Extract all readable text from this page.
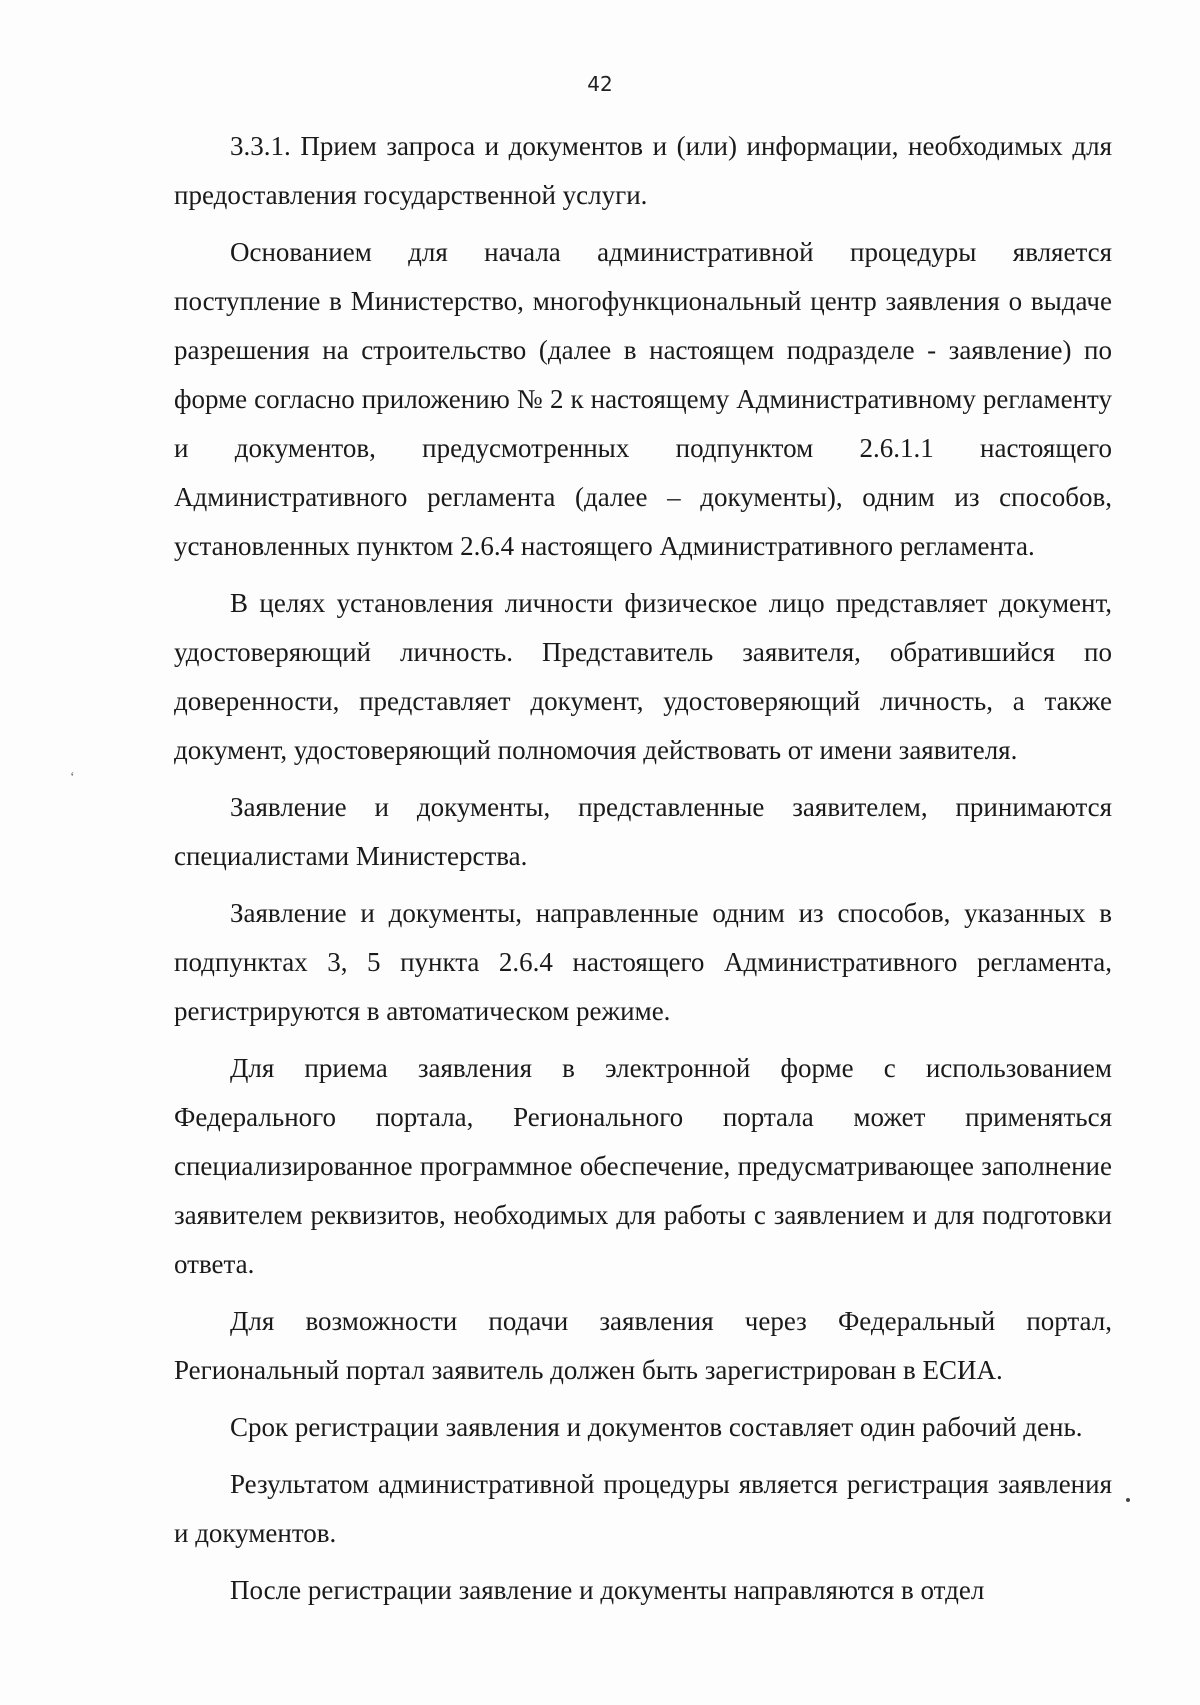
42
ʻ

3.3.1. Прием запроса и документов и (или) информации, необходимых для предоставления государственной услуги.

Основанием для начала административной процедуры является поступление в Министерство, многофункциональный центр заявления о выдаче разрешения на строительство (далее в настоящем подразделе - заявление) по форме согласно приложению № 2 к настоящему Административному регламенту и документов, предусмотренных подпунктом 2.6.1.1 настоящего Административного регламента (далее – документы), одним из способов, установленных пунктом 2.6.4 настоящего Административного регламента.

В целях установления личности физическое лицо представляет документ, удостоверяющий личность. Представитель заявителя, обратившийся по доверенности, представляет документ, удостоверяющий личность, а также документ, удостоверяющий полномочия действовать от имени заявителя.

Заявление и документы, представленные заявителем, принимаются специалистами Министерства.

Заявление и документы, направленные одним из способов, указанных в подпунктах 3, 5 пункта 2.6.4 настоящего Административного регламента, регистрируются в автоматическом режиме.

Для приема заявления в электронной форме с использованием Федерального портала, Регионального портала может применяться специализированное программное обеспечение, предусматривающее заполнение заявителем реквизитов, необходимых для работы с заявлением и для подготовки ответа.

Для возможности подачи заявления через Федеральный портал, Региональный портал заявитель должен быть зарегистрирован в ЕСИА.

Срок регистрации заявления и документов составляет один рабочий день.

Результатом административной процедуры является регистрация заявления и документов.

После регистрации заявление и документы направляются в отдел
